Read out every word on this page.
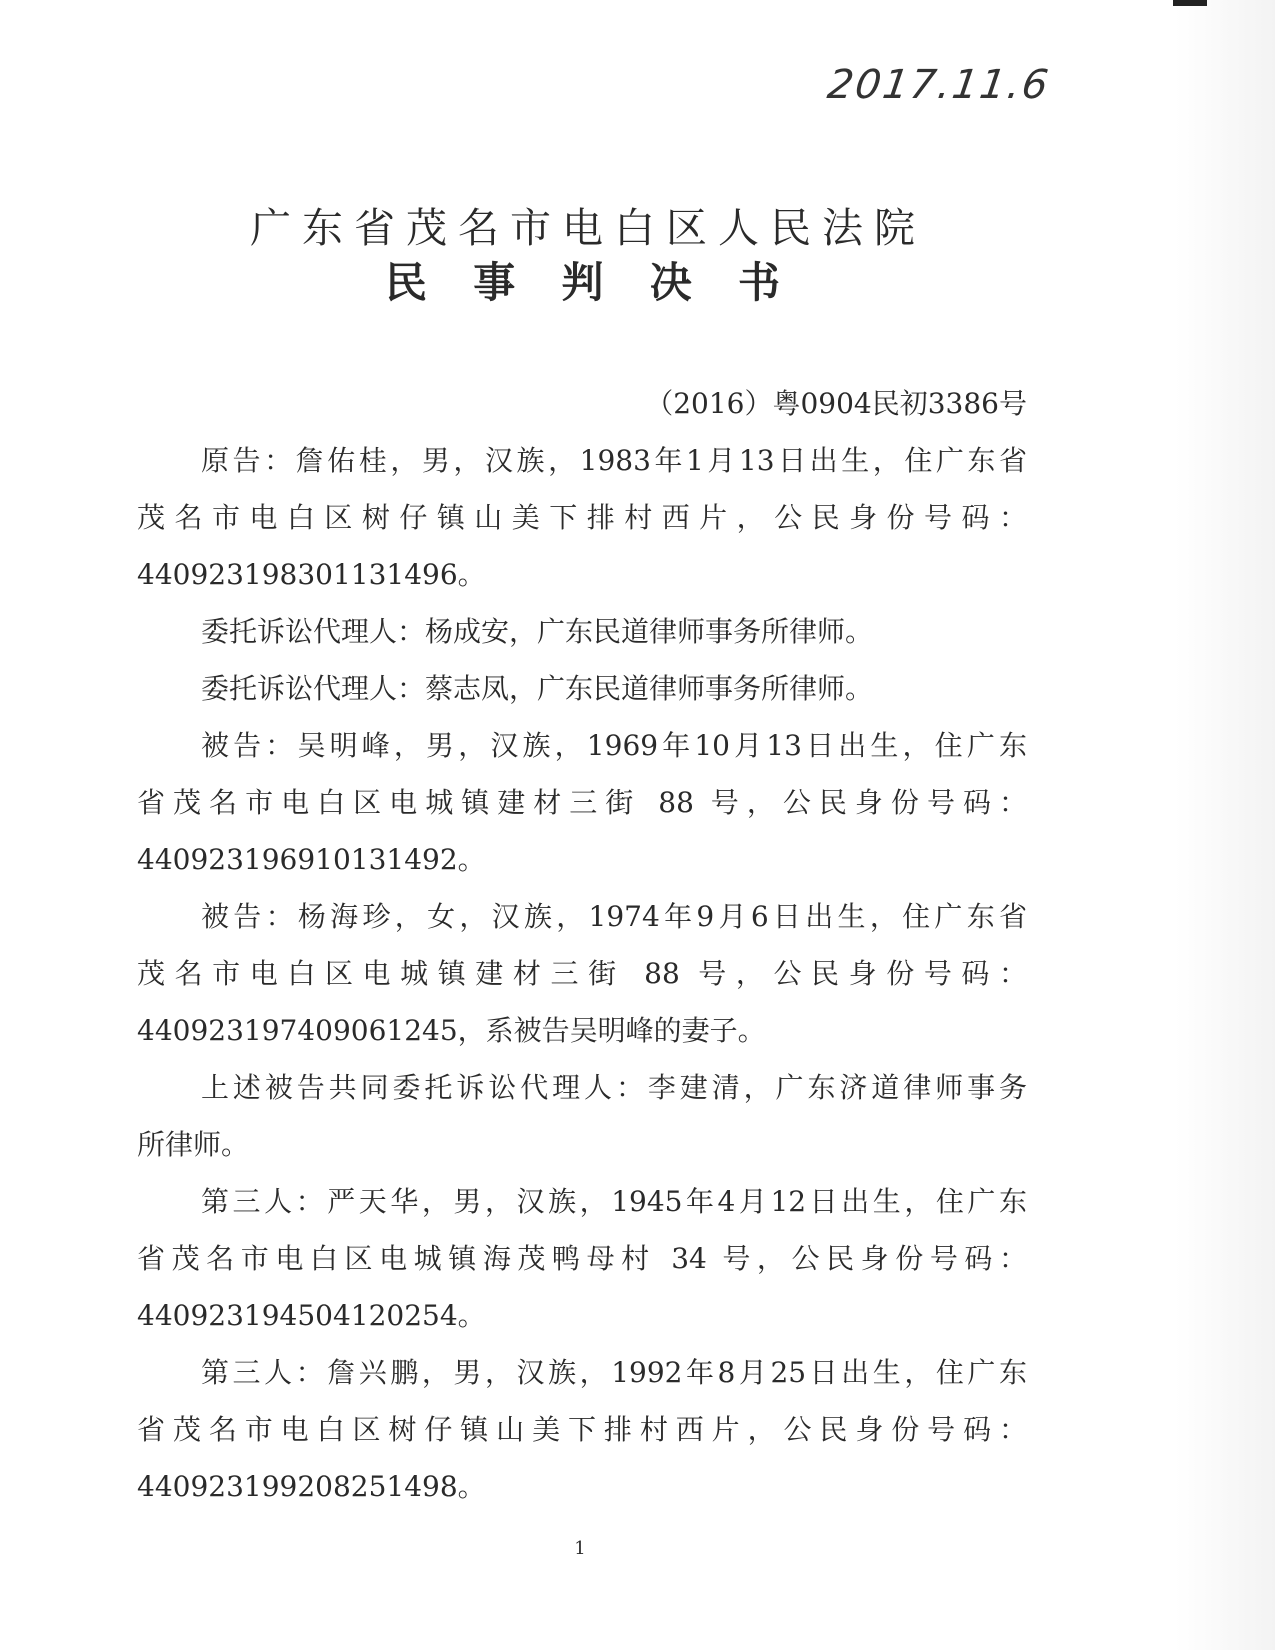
2017.11.6
广东省茂名市电白区人民法院
民 事 判 决 书
（2016）粤0904民初3386号
原告：詹佑桂，男，汉族，1983年1月13日出生，住广东省
茂名市电白区树仔镇山美下排村西片，公民身份号码：
440923198301131496。
委托诉讼代理人：杨成安，广东民道律师事务所律师。
委托诉讼代理人：蔡志凤，广东民道律师事务所律师。
被告：吴明峰，男，汉族，1969年10月13日出生，住广东
省茂名市电白区电城镇建材三街 88 号，公民身份号码：
440923196910131492。
被告：杨海珍，女，汉族，1974年9月6日出生，住广东省
茂名市电白区电城镇建材三街 88 号，公民身份号码：
440923197409061245，系被告吴明峰的妻子。
上述被告共同委托诉讼代理人：李建清，广东济道律师事务
所律师。
第三人：严天华，男，汉族，1945年4月12日出生，住广东
省茂名市电白区电城镇海茂鸭母村 34 号，公民身份号码：
440923194504120254。
第三人：詹兴鹏，男，汉族，1992年8月25日出生，住广东
省茂名市电白区树仔镇山美下排村西片，公民身份号码：
440923199208251498。
1
